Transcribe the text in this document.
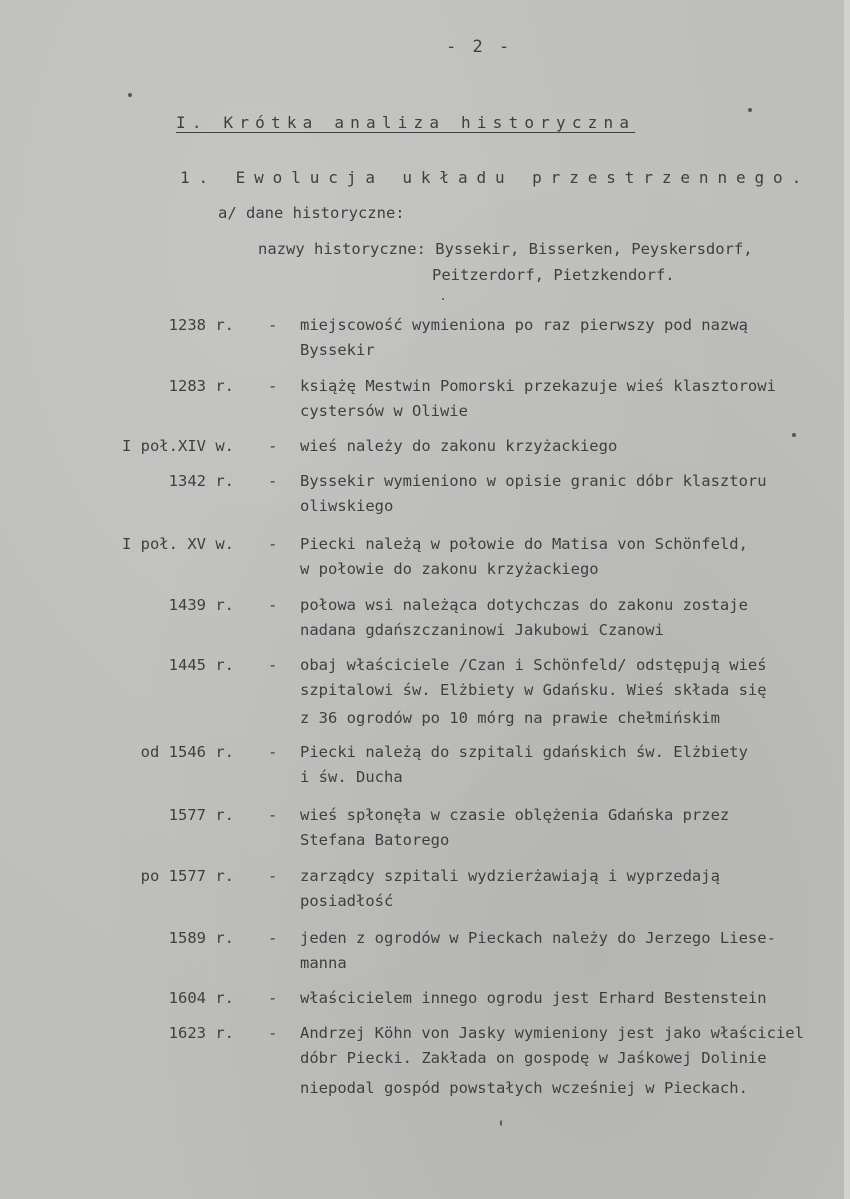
- 2 -
I. Krótka analiza historyczna
1. Ewolucja układu przestrzennego.
a/ dane historyczne:
nazwy historyczne: Byssekir, Bisserken, Peyskersdorf,
Peitzerdorf, Pietzkendorf.
1238 r. - miejscowość wymieniona po raz pierwszy pod nazwą
Byssekir
1283 r. - książę Mestwin Pomorski przekazuje wieś klasztorowi
cystersów w Oliwie
I poł.XIV w. - wieś należy do zakonu krzyżackiego
1342 r. - Byssekir wymieniono w opisie granic dóbr klasztoru
oliwskiego
I poł. XV w. - Piecki należą w połowie do Matisa von Schönfeld,
w połowie do zakonu krzyżackiego
1439 r. - połowa wsi należąca dotychczas do zakonu zostaje
nadana gdańszczaninowi Jakubowi Czanowi
1445 r. - obaj właściciele /Czan i Schönfeld/ odstępują wieś
szpitalowi św. Elżbiety w Gdańsku. Wieś składa się
z 36 ogrodów po 10 mórg na prawie chełmińskim
od 1546 r. - Piecki należą do szpitali gdańskich św. Elżbiety
i św. Ducha
1577 r. - wieś spłonęła w czasie oblężenia Gdańska przez
Stefana Batorego
po 1577 r. - zarządcy szpitali wydzierżawiają i wyprzedają
posiadłość
1589 r. - jeden z ogrodów w Pieckach należy do Jerzego Liese-
manna
1604 r. - właścicielem innego ogrodu jest Erhard Bestenstein
1623 r. - Andrzej Köhn von Jasky wymieniony jest jako właściciel
dóbr Piecki. Zakłada on gospodę w Jaśkowej Dolinie
niepodal gospód powstałych wcześniej w Pieckach.
